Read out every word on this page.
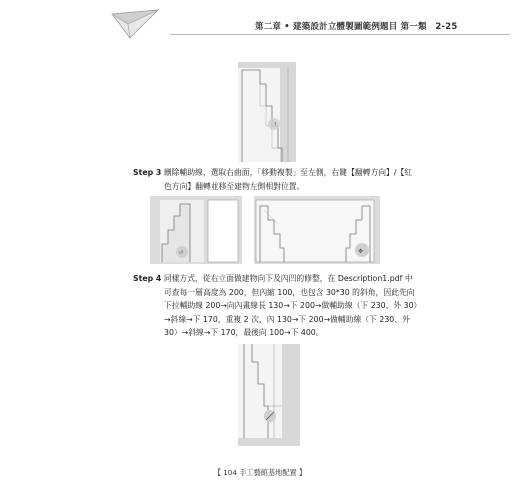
第二章 • 建築設計立體製圖範例題目 第一類　2-25
↑
Step 3 刪除輔助線，選取右曲面，「移動複製」至左側，右鍵【翻轉方向】/【紅
色方向】翻轉並移至建物左側相對位置。
↺	✥
Step 4 同樣方式，從右立面做建物向下及內凹的修整，在 Description1.pdf 中
可查每一層高度為 200，但內縮 100，也包含 30*30 的斜角，因此先向
下拉輔助線 200→向內畫線長 130→下 200→做輔助線（下 230、外 30）
→斜線→下 170，重複 2 次，內 130→下 200→做輔助線（下 230、外
30）→斜線→下 170，最後向 100→下 400。
【 104 手工藝館基地配置 】
